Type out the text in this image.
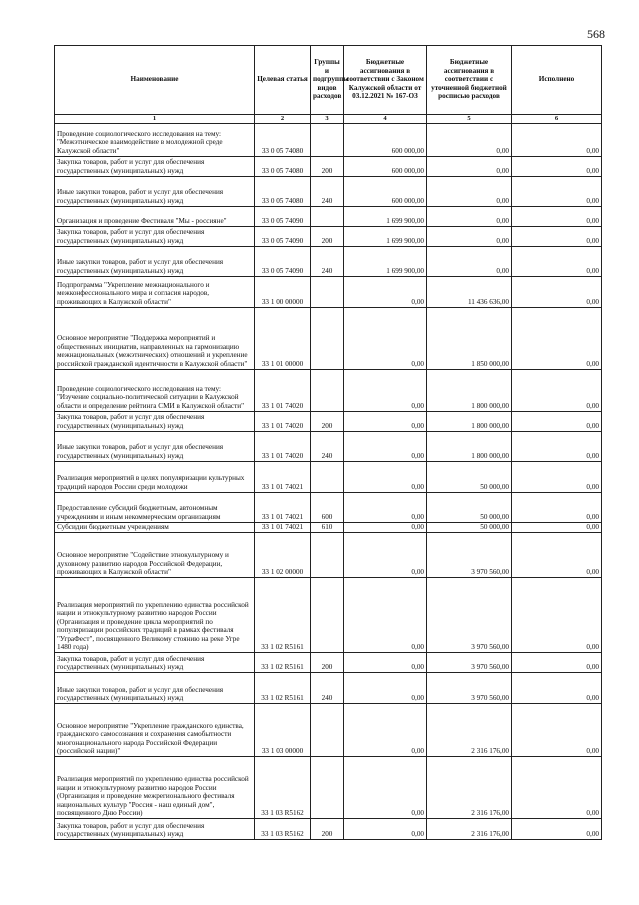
568
Наименование	Целевая статья	Группы и подгруппы видов расходов	Бюджетные ассигнования в соответствии с Законом Калужской области от 03.12.2021 № 167-ОЗ	Бюджетные ассигнования в соответствии с уточненной бюджетной росписью расходов	Исполнено
1	2	3	4	5	6
Проведение социологического исследования на тему: "Межэтническое взаимодействие в молодежной среде Калужской области"	33 0 05 74080		600 000,00	0,00	0,00
Закупка товаров, работ и услуг для обеспечения государственных (муниципальных) нужд	33 0 05 74080	200	600 000,00	0,00	0,00
Иные закупки товаров, работ и услуг для обеспечения государственных (муниципальных) нужд	33 0 05 74080	240	600 000,00	0,00	0,00
Организация и проведение Фестиваля "Мы - россияне"	33 0 05 74090		1 699 900,00	0,00	0,00
Закупка товаров, работ и услуг для обеспечения государственных (муниципальных) нужд	33 0 05 74090	200	1 699 900,00	0,00	0,00
Иные закупки товаров, работ и услуг для обеспечения государственных (муниципальных) нужд	33 0 05 74090	240	1 699 900,00	0,00	0,00
Подпрограмма "Укрепление межнационального и межконфессионального мира и согласия народов, проживающих в Калужской области"	33 1 00 00000		0,00	11 436 636,00	0,00
Основное мероприятие "Поддержка мероприятий и общественных инициатив, направленных на гармонизацию межнациональных (межэтнических) отношений и укрепление российской гражданской идентичности в Калужской области"	33 1 01 00000		0,00	1 850 000,00	0,00
Проведение социологического исследования на тему: "Изучение социально-политической ситуации в Калужской области и определение рейтинга СМИ в Калужской области"	33 1 01 74020		0,00	1 800 000,00	0,00
Закупка товаров, работ и услуг для обеспечения государственных (муниципальных) нужд	33 1 01 74020	200	0,00	1 800 000,00	0,00
Иные закупки товаров, работ и услуг для обеспечения государственных (муниципальных) нужд	33 1 01 74020	240	0,00	1 800 000,00	0,00
Реализация мероприятий в целях популяризации культурных традиций народов России среди молодежи	33 1 01 74021		0,00	50 000,00	0,00
Предоставление субсидий бюджетным, автономным учреждениям и иным некоммерческим организациям	33 1 01 74021	600	0,00	50 000,00	0,00
Субсидии бюджетным учреждениям	33 1 01 74021	610	0,00	50 000,00	0,00
Основное мероприятие "Содействие этнокультурному и духовному развитию народов Российской Федерации, проживающих в Калужской области"	33 1 02 00000		0,00	3 970 560,00	0,00
Реализация мероприятий по укреплению единства российской нации и этнокультурному развитию народов России (Организация и проведение цикла мероприятий по популяризации российских традиций в рамках фестиваля "УграФест", посвященного Великому стоянию на реке Угре 1480 года)	33 1 02 R5161		0,00	3 970 560,00	0,00
Закупка товаров, работ и услуг для обеспечения государственных (муниципальных) нужд	33 1 02 R5161	200	0,00	3 970 560,00	0,00
Иные закупки товаров, работ и услуг для обеспечения государственных (муниципальных) нужд	33 1 02 R5161	240	0,00	3 970 560,00	0,00
Основное мероприятие "Укрепление гражданского единства, гражданского самосознания и сохранения самобытности многонационального народа Российской Федерации (российской нации)"	33 1 03 00000		0,00	2 316 176,00	0,00
Реализация мероприятий по укреплению единства российской нации и этнокультурному развитию народов России (Организация и проведение межрегионального фестиваля национальных культур "Россия - наш единый дом", посвященного Дню России)	33 1 03 R5162		0,00	2 316 176,00	0,00
Закупка товаров, работ и услуг для обеспечения государственных (муниципальных) нужд	33 1 03 R5162	200	0,00	2 316 176,00	0,00
